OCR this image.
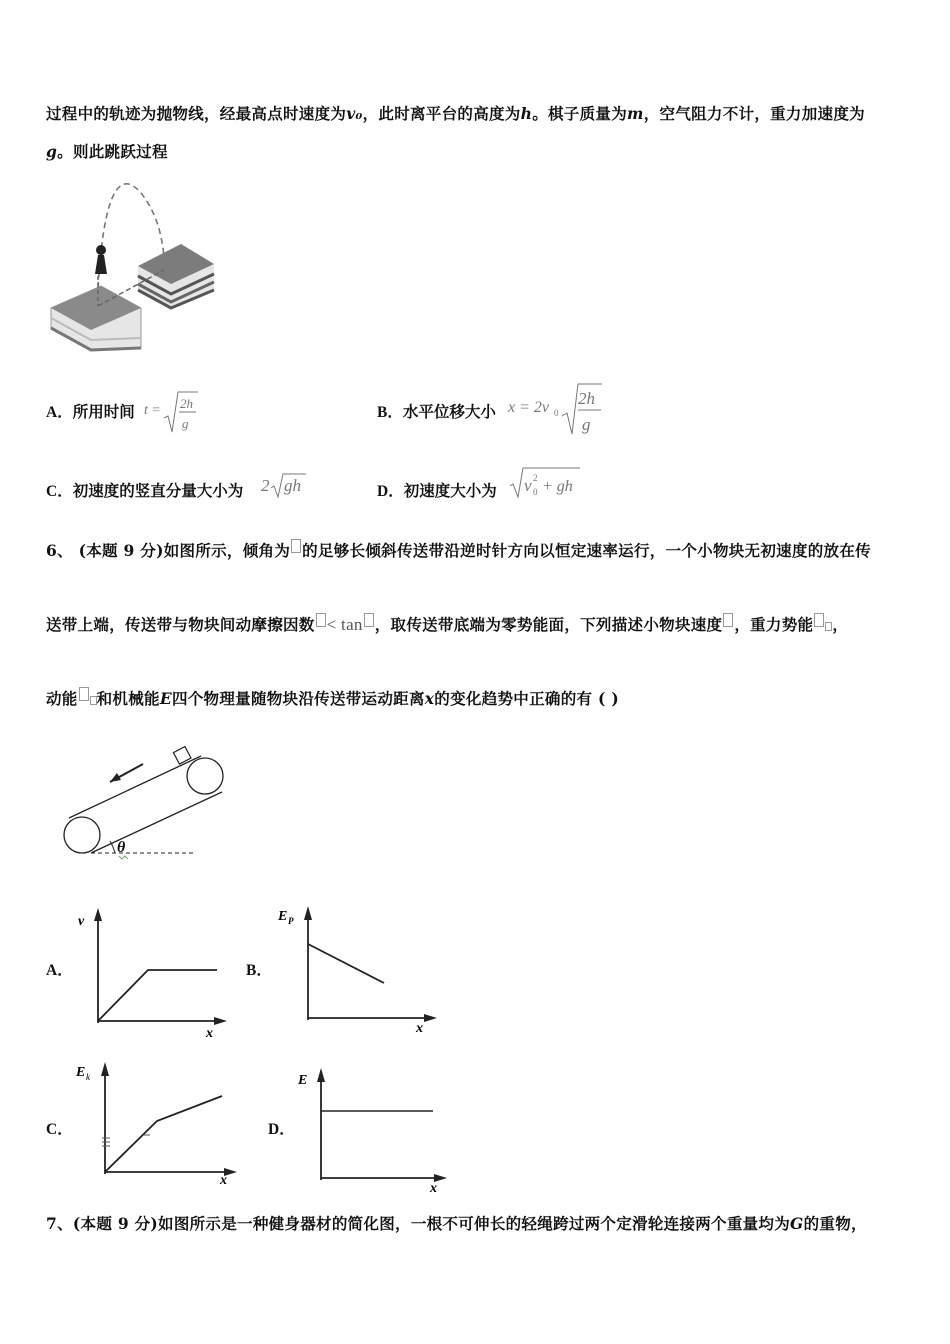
过程中的轨迹为抛物线，经最高点时速度为v₀，此时离平台的高度为h。棋子质量为m，空气阻力不计，重力加速度为
g。则此跳跃过程
A．所用时间 t = 2h
g
B．水平位移大小 x = 2v 0
2h
g
C．初速度的竖直分量大小为 2 gh	D．初速度大小为 v 2
0 + gh
6、 (本题 9 分)如图所示，倾角为 的足够长倾斜传送带沿逆时针方向以恒定速率运行，一个小物块无初速度的放在传
送带上端，传送带与物块间动摩擦因数 < tan ，取传送带底端为零势能面，下列描述小物块速度 ，重力势能 ，
动能 和机械能E四个物理量随物块沿传送带运动距离x的变化趋势中正确的有 ( )
θ
A．
v
x
B．
E P
x
C．
E k
x
D．
E
x
7、(本题 9 分)如图所示是一种健身器材的简化图，一根不可伸长的轻绳跨过两个定滑轮连接两个重量均为G的重物，
